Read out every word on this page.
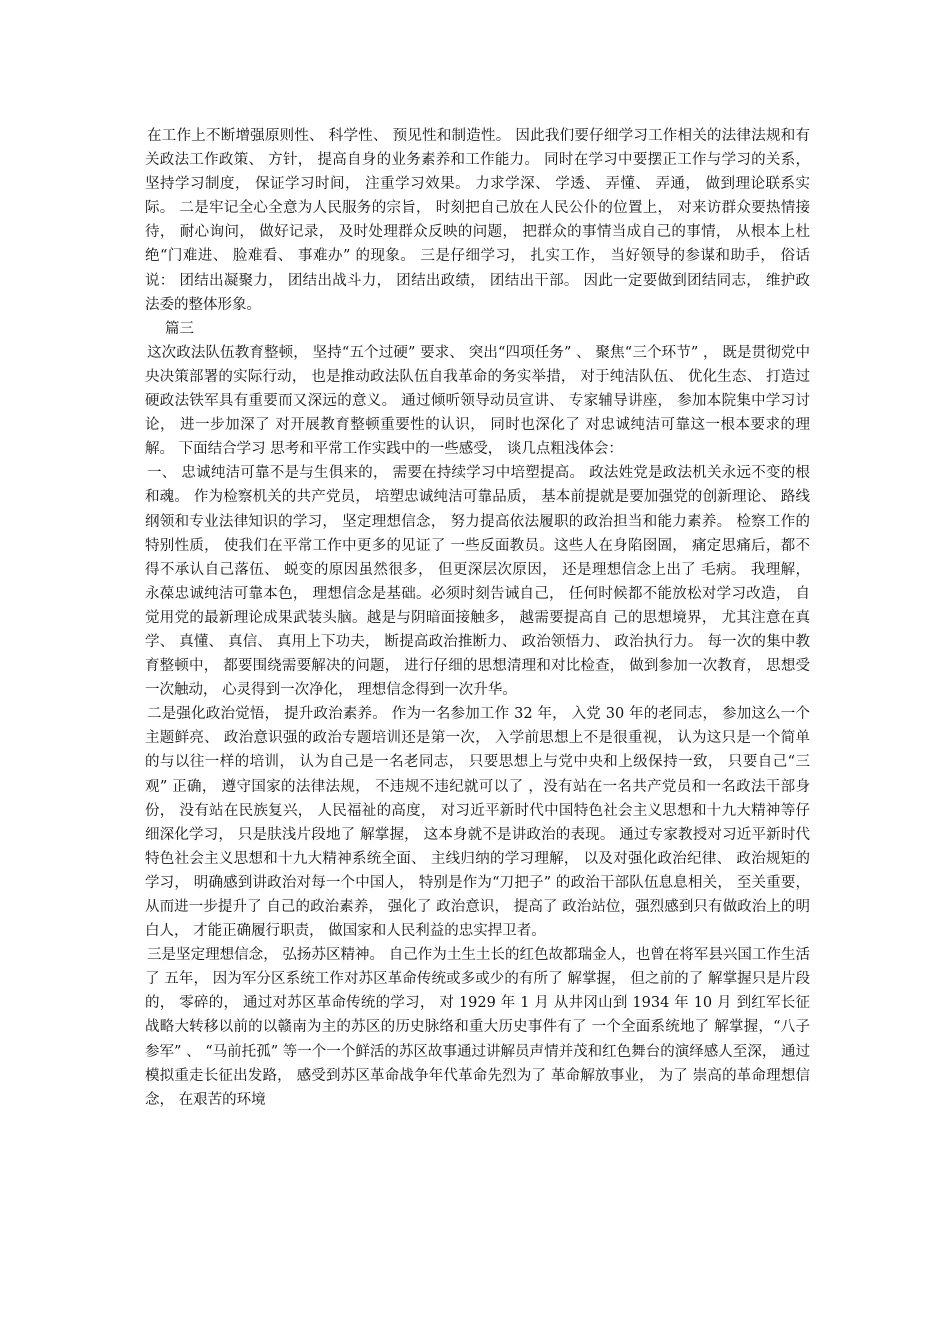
在工作上不断增强原则性、 科学性、 预见性和制造性。 因此我们要仔细学习工作相关的法律法规和有关政法工作政策、 方针， 提高自身的业务素养和工作能力。 同时在学习中要摆正工作与学习的关系， 坚持学习制度， 保证学习时间， 注重学习效果。 力求学深、 学透、 弄懂、 弄通， 做到理论联系实际。 二是牢记全心全意为人民服务的宗旨， 时刻把自己放在人民公仆的位置上， 对来访群众要热情接待， 耐心询问， 做好记录， 及时处理群众反映的问题， 把群众的事情当成自己的事情， 从根本上杜绝“门难进、 脸难看、 事难办” 的现象。 三是仔细学习， 扎实工作， 当好领导的参谋和助手， 俗话说： 团结出凝聚力， 团结出战斗力， 团结出政绩， 团结出干部。 因此一定要做到团结同志， 维护政法委的整体形象。

篇三

这次政法队伍教育整顿， 坚持“五个过硬” 要求、 突出“四项任务” 、 聚焦“三个环节” ， 既是贯彻党中央决策部署的实际行动， 也是推动政法队伍自我革命的务实举措， 对于纯洁队伍、 优化生态、 打造过硬政法铁军具有重要而又深远的意义。 通过倾听领导动员宣讲、 专家辅导讲座， 参加本院集中学习讨论， 进一步加深了 对开展教育整顿重要性的认识， 同时也深化了 对忠诚纯洁可靠这一根本要求的理解。 下面结合学习 思考和平常工作实践中的一些感受， 谈几点粗浅体会：

一、 忠诚纯洁可靠不是与生俱来的， 需要在持续学习中培塑提高。 政法姓党是政法机关永远不变的根和魂。 作为检察机关的共产党员， 培塑忠诚纯洁可靠品质， 基本前提就是要加强党的创新理论、 路线纲领和专业法律知识的学习， 坚定理想信念， 努力提高依法履职的政治担当和能力素养。 检察工作的特别性质， 使我们在平常工作中更多的见证了 一些反面教员。这些人在身陷囹圄， 痛定思痛后，都不得不承认自己落伍、 蜕变的原因虽然很多， 但更深层次原因， 还是理想信念上出了 毛病。 我理解， 永葆忠诚纯洁可靠本色， 理想信念是基础。必须时刻告诫自己， 任何时候都不能放松对学习改造， 自觉用党的最新理论成果武装头脑。越是与阴暗面接触多， 越需要提高自 己的思想境界， 尤其注意在真学、 真懂、 真信、 真用上下功夫， 断提高政治推断力、 政治领悟力、 政治执行力。 每一次的集中教育整顿中， 都要围绕需要解决的问题， 进行仔细的思想清理和对比检查， 做到参加一次教育， 思想受一次触动， 心灵得到一次净化， 理想信念得到一次升华。

二是强化政治觉悟， 提升政治素养。 作为一名参加工作 32 年， 入党 30 年的老同志， 参加这么一个主题鲜亮、 政治意识强的政治专题培训还是第一次， 入学前思想上不是很重视， 认为这只是一个简单的与以往一样的培训， 认为自己是一名老同志， 只要思想上与党中央和上级保持一致， 只要自己“三观” 正确， 遵守国家的法律法规， 不违规不违纪就可以了 ，没有站在一名共产党员和一名政法干部身份， 没有站在民族复兴， 人民福祉的高度， 对习近平新时代中国特色社会主义思想和十九大精神等仔细深化学习， 只是肤浅片段地了 解掌握， 这本身就不是讲政治的表现。 通过专家教授对习近平新时代特色社会主义思想和十九大精神系统全面、 主线归纳的学习理解， 以及对强化政治纪律、 政治规矩的学习， 明确感到讲政治对每一个中国人， 特别是作为“刀把子” 的政治干部队伍息息相关， 至关重要， 从而进一步提升了 自己的政治素养， 强化了 政治意识， 提高了 政治站位，强烈感到只有做政治上的明白人， 才能正确履行职责， 做国家和人民利益的忠实捍卫者。

三是坚定理想信念， 弘扬苏区精神。 自己作为土生土长的红色故都瑞金人，也曾在将军县兴国工作生活了 五年， 因为军分区系统工作对苏区革命传统或多或少的有所了 解掌握， 但之前的了 解掌握只是片段的， 零碎的， 通过对苏区革命传统的学习， 对 1929 年 1 月 从井冈山到 1934 年 10 月 到红军长征战略大转移以前的以赣南为主的苏区的历史脉络和重大历史事件有了 一个全面系统地了 解掌握，“八子参军” 、 “马前托孤” 等一个一个鲜活的苏区故事通过讲解员声情并茂和红色舞台的演绎感人至深， 通过模拟重走长征出发路， 感受到苏区革命战争年代革命先烈为了 革命解放事业， 为了 崇高的革命理想信念， 在艰苦的环境
